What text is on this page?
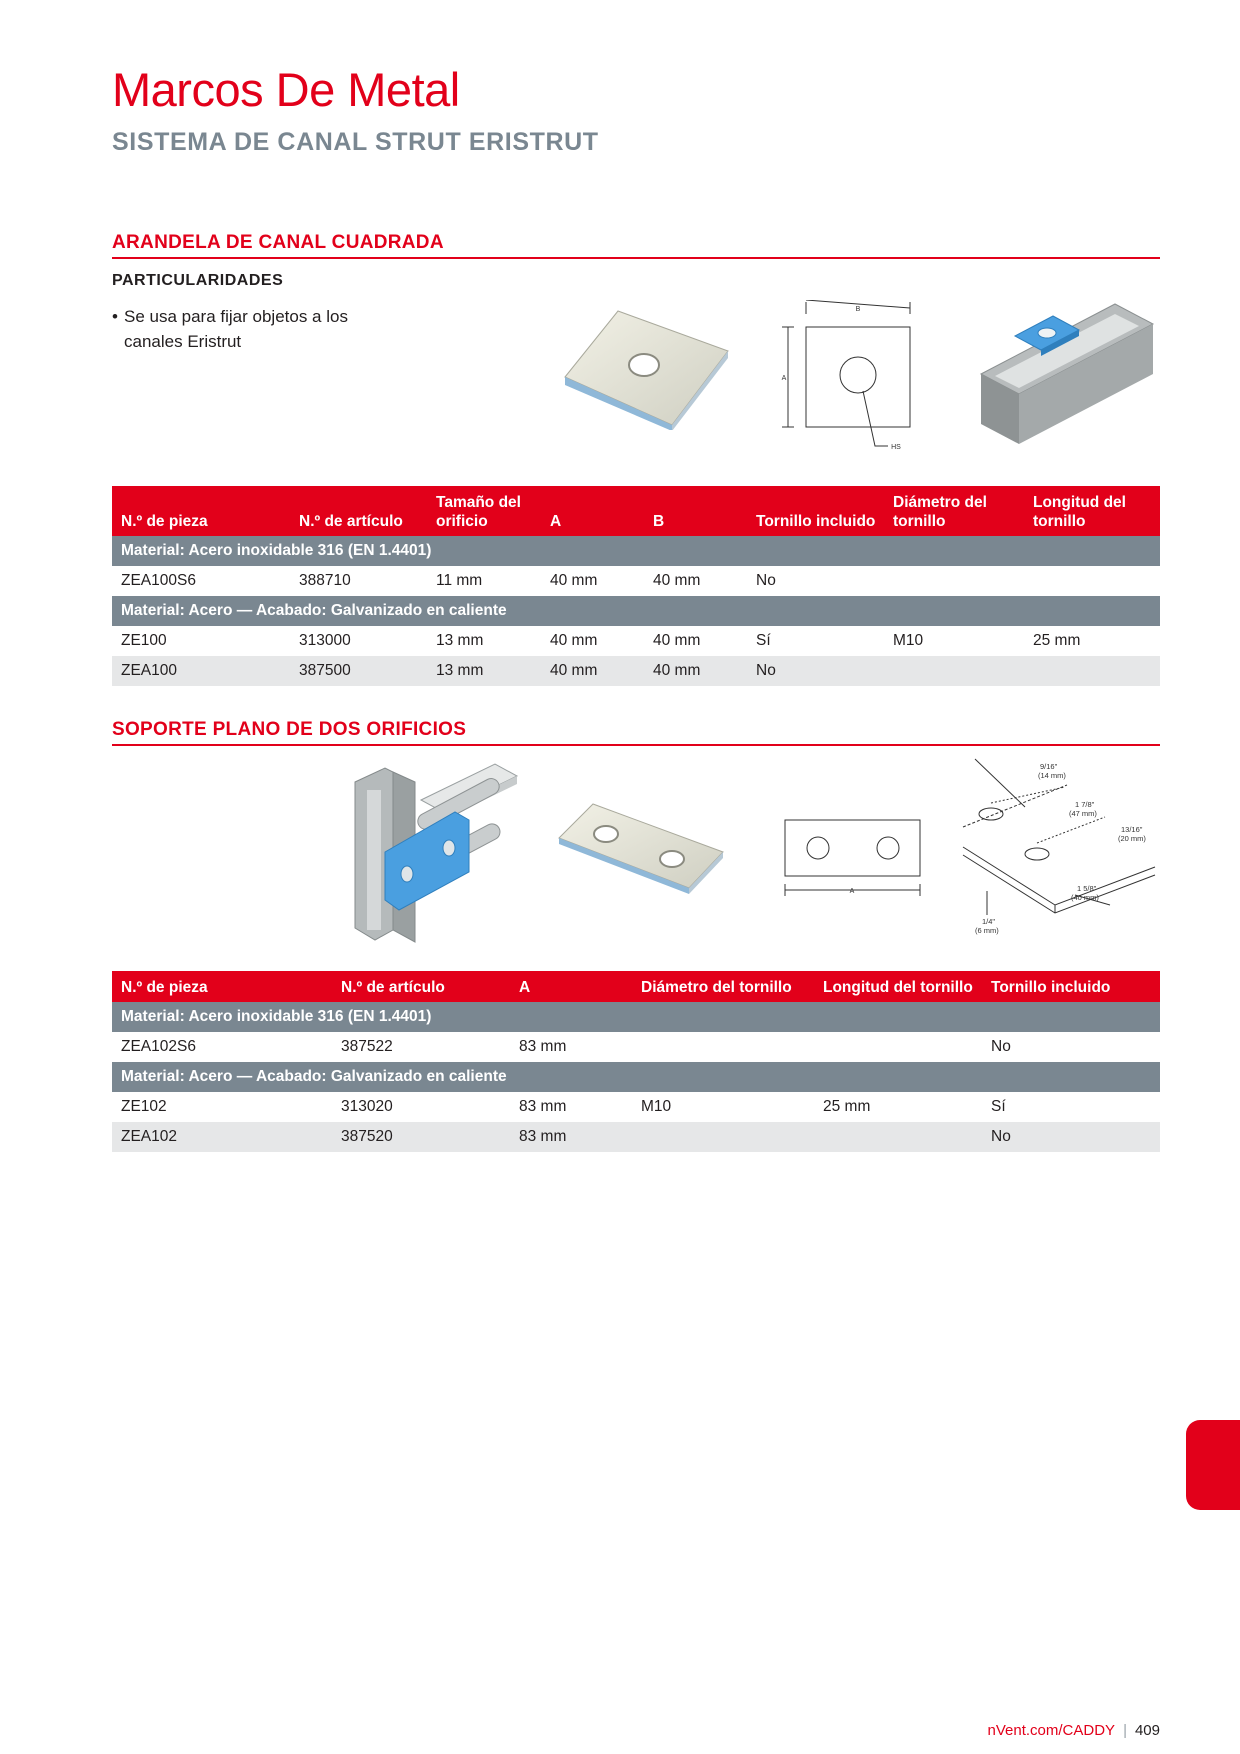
Marcos De Metal
SISTEMA DE CANAL STRUT ERISTRUT
ARANDELA DE CANAL CUADRADA
PARTICULARIDADES
• Se usa para fijar objetos a los canales Eristrut
B
A
HS
N.º de pieza	N.º de artículo	Tamaño del orificio	A	B	Tornillo incluido	Diámetro del tornillo	Longitud del tornillo
Material: Acero inoxidable 316 (EN 1.4401)							
ZEA100S6	388710	11 mm	40 mm	40 mm	No		
Material: Acero — Acabado: Galvanizado en caliente							
ZE100	313000	13 mm	40 mm	40 mm	Sí	M10	25 mm
ZEA100	387500	13 mm	40 mm	40 mm	No		
SOPORTE PLANO DE DOS ORIFICIOS
A
9/16"
(14 mm)
1 7/8"
(47 mm)
13/16"
(20 mm)
1 5/8"
(40 mm)
1/4"
(6 mm)
N.º de pieza	N.º de artículo	A	Diámetro del tornillo	Longitud del tornillo	Tornillo incluido
Material: Acero inoxidable 316 (EN 1.4401)					
ZEA102S6	387522	83 mm			No
Material: Acero — Acabado: Galvanizado en caliente					
ZE102	313020	83 mm	M10	25 mm	Sí
ZEA102	387520	83 mm			No
nVent.com/CADDY | 409
